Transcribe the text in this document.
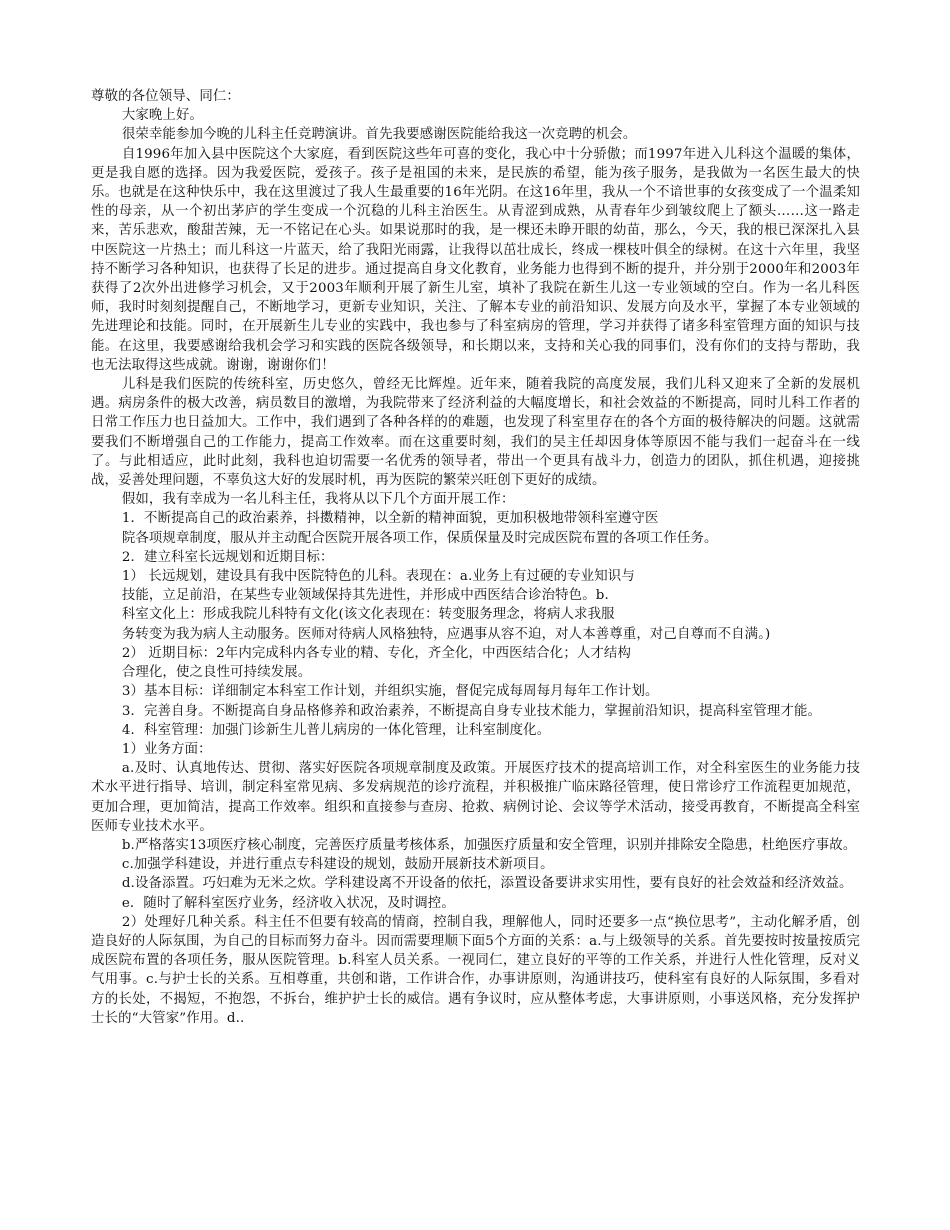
尊敬的各位领导、同仁：

大家晚上好。

很荣幸能参加今晚的儿科主任竞聘演讲。首先我要感谢医院能给我这一次竞聘的机会。

自1996年加入县中医院这个大家庭，看到医院这些年可喜的变化，我心中十分骄傲；而1997年进入儿科这个温暖的集体，更是我自愿的选择。因为我爱医院，爱孩子。孩子是祖国的未来，是民族的希望，能为孩子服务，是我做为一名医生最大的快乐。也就是在这种快乐中，我在这里渡过了我人生最重要的16年光阴。在这16年里，我从一个不谙世事的女孩变成了一个温柔知性的母亲，从一个初出茅庐的学生变成一个沉稳的儿科主治医生。从青涩到成熟，从青春年少到皱纹爬上了额头……这一路走来，苦乐悲欢，酸甜苦辣，无一不铭记在心头。如果说那时的我，是一棵还未睁开眼的幼苗，那么，今天，我的根已深深扎入县中医院这一片热土；而儿科这一片蓝天，给了我阳光雨露，让我得以茁壮成长，终成一棵枝叶俱全的绿树。在这十六年里，我坚持不断学习各种知识，也获得了长足的进步。通过提高自身文化教育，业务能力也得到不断的提升，并分别于2000年和2003年获得了2次外出进修学习机会，又于2003年顺利开展了新生儿室，填补了我院在新生儿这一专业领域的空白。作为一名儿科医师，我时时刻刻提醒自己，不断地学习，更新专业知识，关注、了解本专业的前沿知识、发展方向及水平，掌握了本专业领域的先进理论和技能。同时，在开展新生儿专业的实践中，我也参与了科室病房的管理，学习并获得了诸多科室管理方面的知识与技能。在这里，我要感谢给我机会学习和实践的医院各级领导，和长期以来，支持和关心我的同事们，没有你们的支持与帮助，我也无法取得这些成就。谢谢，谢谢你们！

儿科是我们医院的传统科室，历史悠久，曾经无比辉煌。近年来，随着我院的高度发展，我们儿科又迎来了全新的发展机遇。病房条件的极大改善，病员数目的激增，为我院带来了经济利益的大幅度增长，和社会效益的不断提高，同时儿科工作者的日常工作压力也日益加大。工作中，我们遇到了各种各样的的难题，也发现了科室里存在的各个方面的极待解决的问题。这就需要我们不断增强自己的工作能力，提高工作效率。而在这重要时刻，我们的吴主任却因身体等原因不能与我们一起奋斗在一线了。与此相适应，此时此刻，我科也迫切需要一名优秀的领导者，带出一个更具有战斗力，创造力的团队，抓住机遇，迎接挑战，妥善处理问题，不辜负这大好的发展时机，再为医院的繁荣兴旺创下更好的成绩。

假如，我有幸成为一名儿科主任，我将从以下几个方面开展工作：

1．不断提高自己的政治素养，抖擞精神，以全新的精神面貌，更加积极地带领科室遵守医

院各项规章制度，服从并主动配合医院开展各项工作，保质保量及时完成医院布置的各项工作任务。

2．建立科室长远规划和近期目标：

1） 长远规划，建设具有我中医院特色的儿科。表现在：a.业务上有过硬的专业知识与

技能，立足前沿，在某些专业领域保持其先进性，并形成中西医结合诊治特色。b.

科室文化上：形成我院儿科特有文化(该文化表现在：转变服务理念，将病人求我服

务转变为我为病人主动服务。医师对待病人风格独特，应遇事从容不迫，对人本善尊重，对己自尊而不自满。)

2） 近期目标：2年内完成科内各专业的精、专化，齐全化，中西医结合化；人才结构

合理化，使之良性可持续发展。

3）基本目标：详细制定本科室工作计划，并组织实施，督促完成每周每月每年工作计划。

3．完善自身。不断提高自身品格修养和政治素养，不断提高自身专业技术能力，掌握前沿知识，提高科室管理才能。

4．科室管理：加强门诊新生儿普儿病房的一体化管理，让科室制度化。

1）业务方面：

a.及时、认真地传达、贯彻、落实好医院各项规章制度及政策。开展医疗技术的提高培训工作，对全科室医生的业务能力技术水平进行指导、培训，制定科室常见病、多发病规范的诊疗流程，并积极推广临床路径管理，使日常诊疗工作流程更加规范，更加合理，更加简洁，提高工作效率。组织和直接参与查房、抢救、病例讨论、会议等学术活动，接受再教育，不断提高全科室医师专业技术水平。

b.严格落实13项医疗核心制度，完善医疗质量考核体系，加强医疗质量和安全管理，识别并排除安全隐患，杜绝医疗事故。

c.加强学科建设，并进行重点专科建设的规划，鼓励开展新技术新项目。

d.设备添置。巧妇难为无米之炊。学科建设离不开设备的依托，添置设备要讲求实用性，要有良好的社会效益和经济效益。

e．随时了解科室医疗业务，经济收入状况，及时调控。

2）处理好几种关系。科主任不但要有较高的情商，控制自我，理解他人，同时还要多一点“换位思考”，主动化解矛盾，创造良好的人际氛围，为自己的目标而努力奋斗。因而需要理顺下面5个方面的关系：a.与上级领导的关系。首先要按时按量按质完成医院布置的各项任务，服从医院管理。b.科室人员关系。一视同仁，建立良好的平等的工作关系，并进行人性化管理，反对义气用事。c.与护士长的关系。互相尊重，共创和谐，工作讲合作，办事讲原则，沟通讲技巧，使科室有良好的人际氛围，多看对方的长处，不揭短，不抱怨，不拆台，维护护士长的威信。遇有争议时，应从整体考虑，大事讲原则，小事送风格，充分发挥护士长的“大管家”作用。d..
